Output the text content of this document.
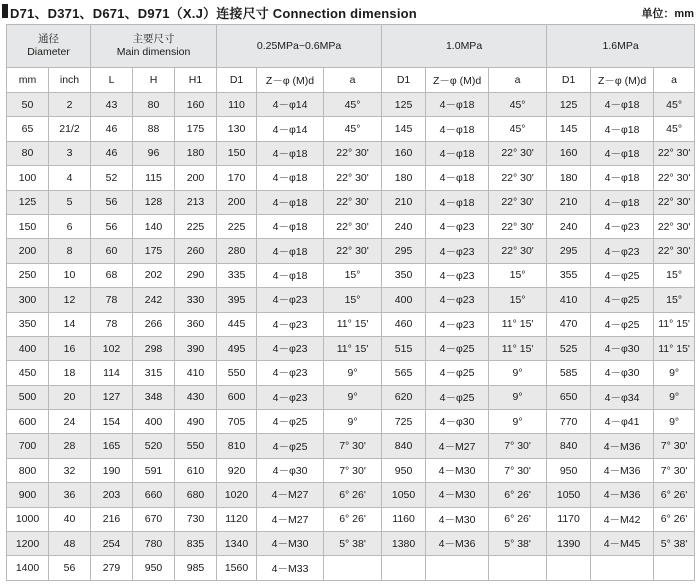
D71、D371、D671、D971（X.J）连接尺寸 Connection dimension	单位：mm
通径
Diameter		主要尺寸
Main dimension			0.25MPa~0.6MPa			1.0MPa			1.6MPa		
mm	inch	L	H	H1	D1	Z－φ (M)d	a	D1	Z－φ (M)d	a	D1	Z－φ (M)d	a
50	2	43	80	160	110	4－φ14	45°	125	4－φ18	45°	125	4－φ18	45°
65	21/2	46	88	175	130	4－φ14	45°	145	4－φ18	45°	145	4－φ18	45°
80	3	46	96	180	150	4－φ18	22° 30'	160	4－φ18	22° 30'	160	4－φ18	22° 30'
100	4	52	115	200	170	4－φ18	22° 30'	180	4－φ18	22° 30'	180	4－φ18	22° 30'
125	5	56	128	213	200	4－φ18	22° 30'	210	4－φ18	22° 30'	210	4－φ18	22° 30'
150	6	56	140	225	225	4－φ18	22° 30'	240	4－φ23	22° 30'	240	4－φ23	22° 30'
200	8	60	175	260	280	4－φ18	22° 30'	295	4－φ23	22° 30'	295	4－φ23	22° 30'
250	10	68	202	290	335	4－φ18	15°	350	4－φ23	15°	355	4－φ25	15°
300	12	78	242	330	395	4－φ23	15°	400	4－φ23	15°	410	4－φ25	15°
350	14	78	266	360	445	4－φ23	11° 15'	460	4－φ23	11° 15'	470	4－φ25	11° 15'
400	16	102	298	390	495	4－φ23	11° 15'	515	4－φ25	11° 15'	525	4－φ30	11° 15'
450	18	114	315	410	550	4－φ23	9°	565	4－φ25	9°	585	4－φ30	9°
500	20	127	348	430	600	4－φ23	9°	620	4－φ25	9°	650	4－φ34	9°
600	24	154	400	490	705	4－φ25	9°	725	4－φ30	9°	770	4－φ41	9°
700	28	165	520	550	810	4－φ25	7° 30'	840	4－M27	7° 30'	840	4－M36	7° 30'
800	32	190	591	610	920	4－φ30	7° 30'	950	4－M30	7° 30'	950	4－M36	7° 30'
900	36	203	660	680	1020	4－M27	6° 26'	1050	4－M30	6° 26'	1050	4－M36	6° 26'
1000	40	216	670	730	1120	4－M27	6° 26'	1160	4－M30	6° 26'	1170	4－M42	6° 26'
1200	48	254	780	835	1340	4－M30	5° 38'	1380	4－M36	5° 38'	1390	4－M45	5° 38'
1400	56	279	950	985	1560	4－M33							
